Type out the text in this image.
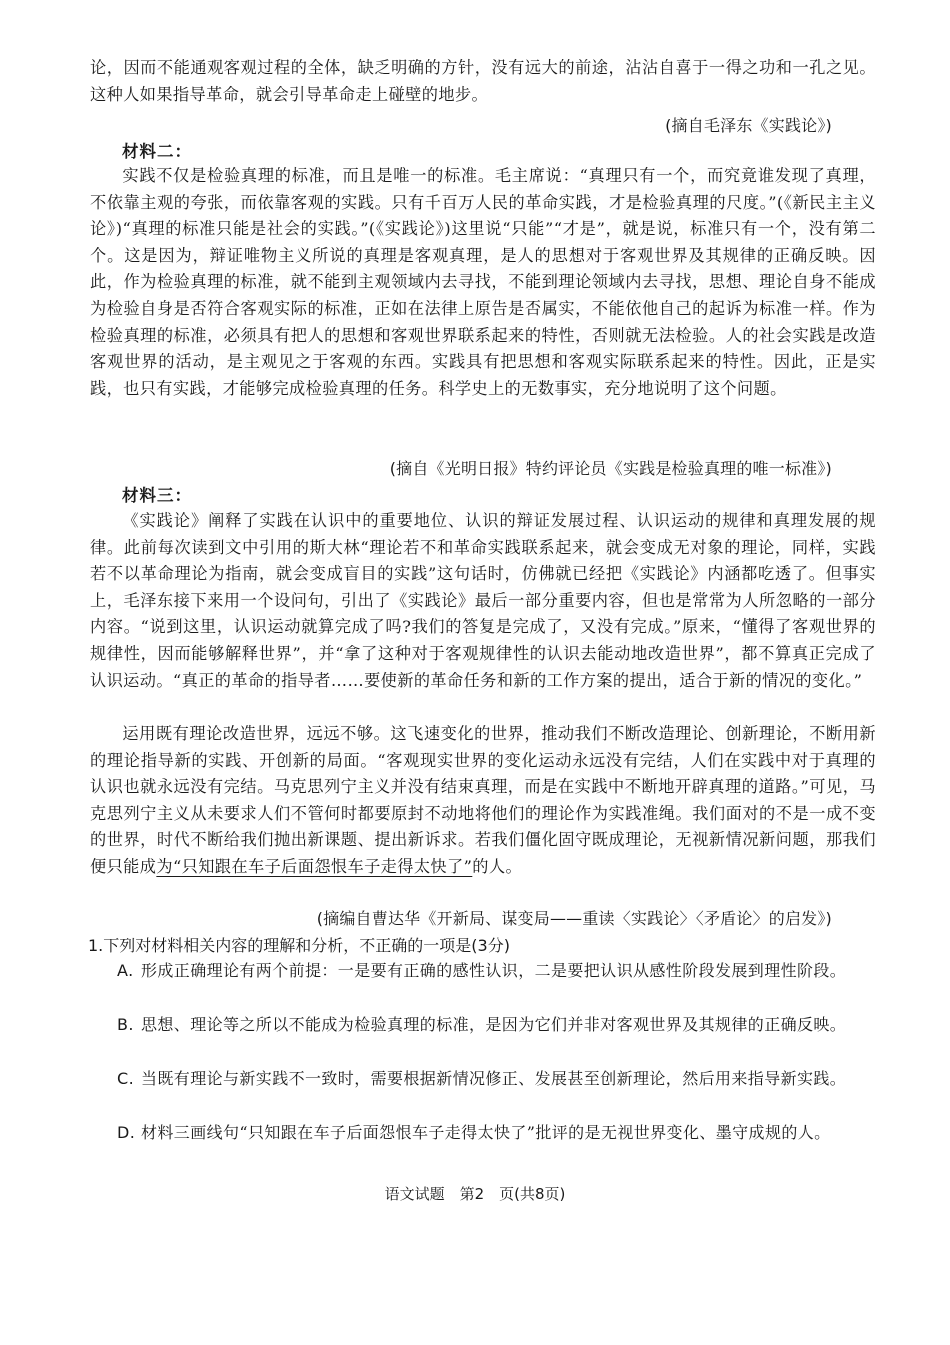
论，因而不能通观客观过程的全体，缺乏明确的方针，没有远大的前途，沾沾自喜于一得之功和一孔之见。这种人如果指导革命，就会引导革命走上碰壁的地步。

(摘自毛泽东《实践论》)

材料二：

实践不仅是检验真理的标准，而且是唯一的标准。毛主席说：“真理只有一个，而究竟谁发现了真理，不依靠主观的夸张，而依靠客观的实践。只有千百万人民的革命实践，才是检验真理的尺度。”(《新民主主义论》)“真理的标准只能是社会的实践。”(《实践论》)这里说“只能”“才是”，就是说，标准只有一个，没有第二个。这是因为，辩证唯物主义所说的真理是客观真理，是人的思想对于客观世界及其规律的正确反映。因此，作为检验真理的标准，就不能到主观领域内去寻找，不能到理论领域内去寻找，思想、理论自身不能成为检验自身是否符合客观实际的标准，正如在法律上原告是否属实，不能依他自己的起诉为标准一样。作为检验真理的标准，必须具有把人的思想和客观世界联系起来的特性，否则就无法检验。人的社会实践是改造客观世界的活动，是主观见之于客观的东西。实践具有把思想和客观实际联系起来的特性。因此，正是实践，也只有实践，才能够完成检验真理的任务。科学史上的无数事实，充分地说明了这个问题。

(摘自《光明日报》特约评论员《实践是检验真理的唯一标准》)

材料三：

《实践论》阐释了实践在认识中的重要地位、认识的辩证发展过程、认识运动的规律和真理发展的规律。此前每次读到文中引用的斯大林“理论若不和革命实践联系起来，就会变成无对象的理论，同样，实践若不以革命理论为指南，就会变成盲目的实践”这句话时，仿佛就已经把《实践论》内涵都吃透了。但事实上，毛泽东接下来用一个设问句，引出了《实践论》最后一部分重要内容，但也是常常为人所忽略的一部分内容。“说到这里，认识运动就算完成了吗?我们的答复是完成了，又没有完成。”原来，“懂得了客观世界的规律性，因而能够解释世界”，并“拿了这种对于客观规律性的认识去能动地改造世界”，都不算真正完成了认识运动。“真正的革命的指导者……要使新的革命任务和新的工作方案的提出，适合于新的情况的变化。”

运用既有理论改造世界，远远不够。这飞速变化的世界，推动我们不断改造理论、创新理论，不断用新的理论指导新的实践、开创新的局面。“客观现实世界的变化运动永远没有完结，人们在实践中对于真理的认识也就永远没有完结。马克思列宁主义并没有结束真理，而是在实践中不断地开辟真理的道路。”可见，马克思列宁主义从未要求人们不管何时都要原封不动地将他们的理论作为实践准绳。我们面对的不是一成不变的世界，时代不断给我们抛出新课题、提出新诉求。若我们僵化固守既成理论，无视新情况新问题，那我们便只能成为“只知跟在车子后面怨恨车子走得太快了”的人。

(摘编自曹达华《开新局、谋变局——重读〈实践论〉〈矛盾论〉的启发》)

1.下列对材料相关内容的理解和分析，不正确的一项是(3分)

A. 形成正确理论有两个前提：一是要有正确的感性认识，二是要把认识从感性阶段发展到理性阶段。

B. 思想、理论等之所以不能成为检验真理的标准，是因为它们并非对客观世界及其规律的正确反映。

C. 当既有理论与新实践不一致时，需要根据新情况修正、发展甚至创新理论，然后用来指导新实践。

D. 材料三画线句“只知跟在车子后面怨恨车子走得太快了”批评的是无视世界变化、墨守成规的人。

语文试题　第2　页(共8页)
